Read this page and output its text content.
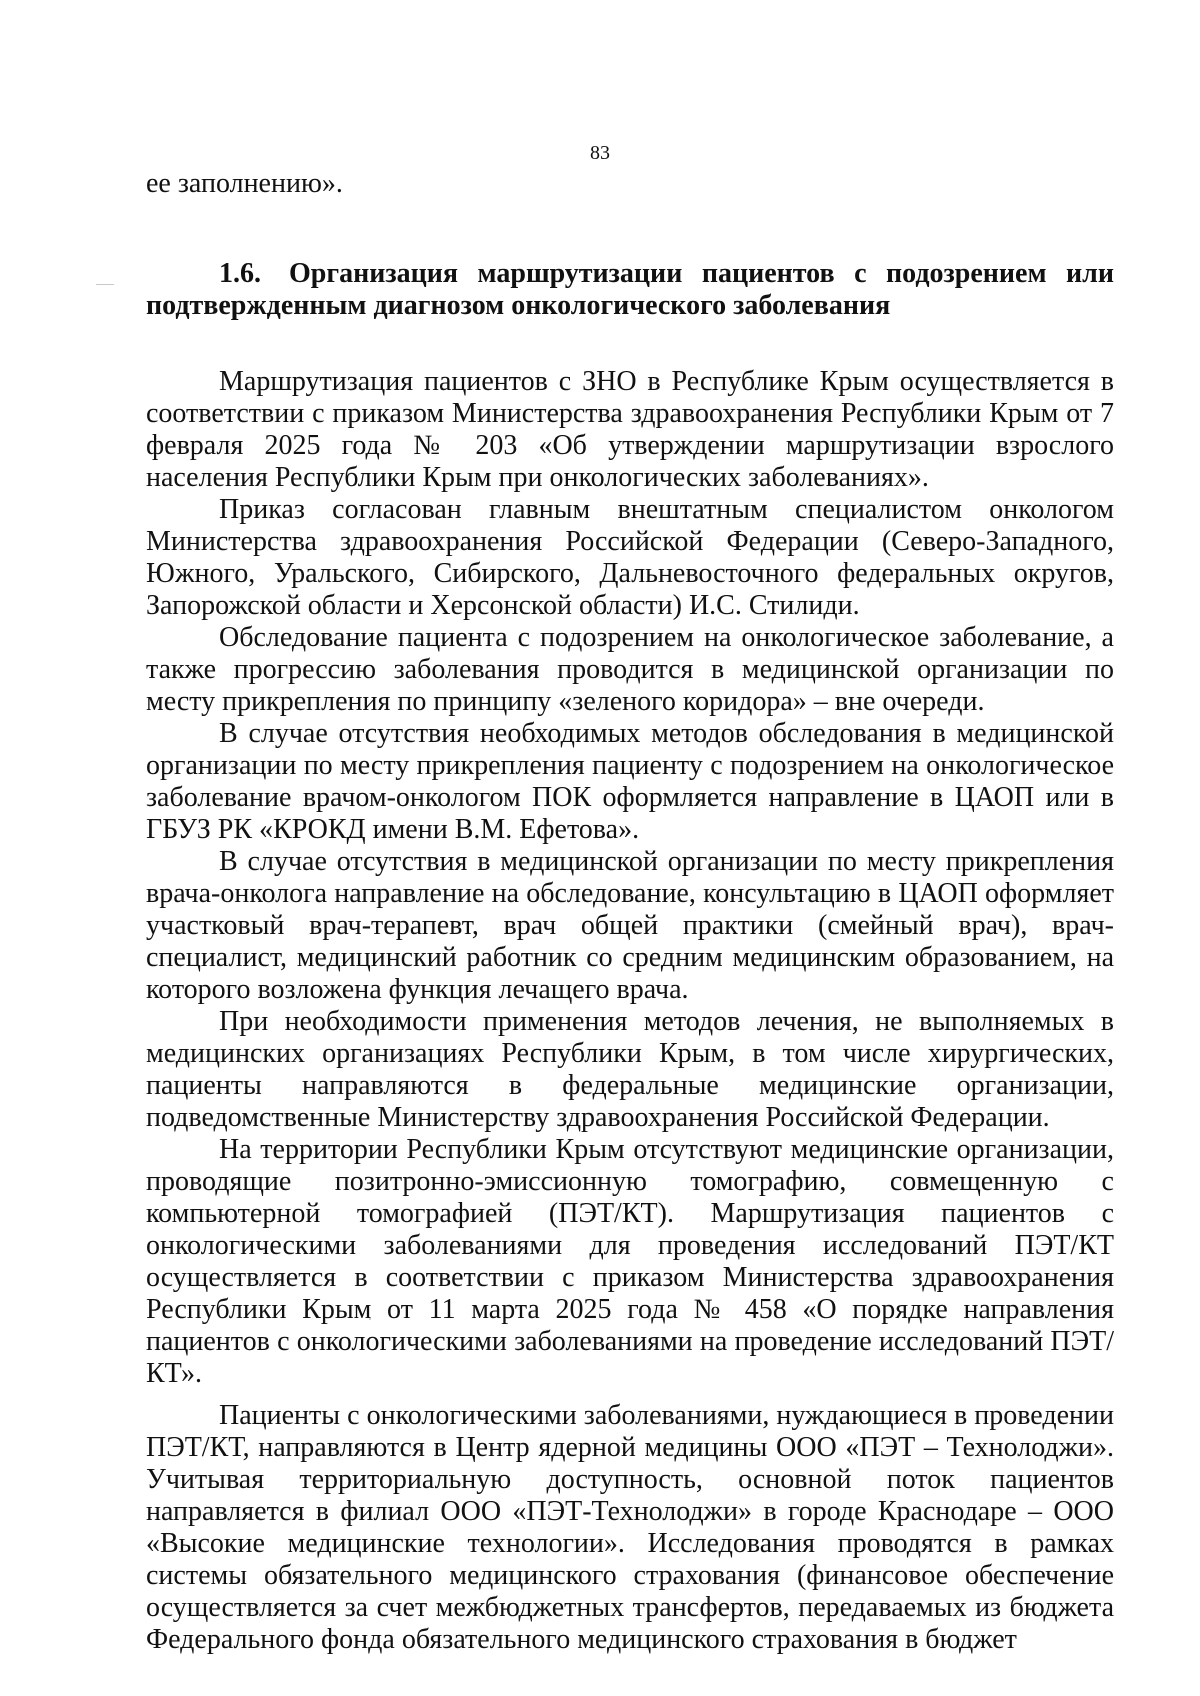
83

ее заполнению».

1.6. Организация маршрутизации пациентов с подозрением или подтвержденным диагнозом онкологического заболевания

Маршрутизация пациентов с ЗНО в Республике Крым осуществляется в соответствии с приказом Министерства здравоохранения Республики Крым от 7 февраля 2025 года № 203 «Об утверждении маршрутизации взрослого населения Республики Крым при онкологических заболеваниях».

Приказ согласован главным внештатным специалистом онкологом Министерства здравоохранения Российской Федерации (Северо-Западного, Южного, Уральского, Сибирского, Дальневосточного федеральных округов, Запорожской области и Херсонской области) И.С. Стилиди.

Обследование пациента с подозрением на онкологическое заболевание, а также прогрессию заболевания проводится в медицинской организации по месту прикрепления по принципу «зеленого коридора» – вне очереди.

В случае отсутствия необходимых методов обследования в медицинской организации по месту прикрепления пациенту с подозрением на онкологическое заболевание врачом-онкологом ПОК оформляется направление в ЦАОП или в ГБУЗ РК «КРОКД имени В.М. Ефетова».

В случае отсутствия в медицинской организации по месту прикрепления врача-онколога направление на обследование, консультацию в ЦАОП оформляет участковый врач-терапевт, врач общей практики (смейный врач), врач-специалист, медицинский работник со средним медицинским образованием, на которого возложена функция лечащего врача.

При необходимости применения методов лечения, не выполняемых в медицинских организациях Республики Крым, в том числе хирургических, пациенты направляются в федеральные медицинские организации, подведомственные Министерству здравоохранения Российской Федерации.

На территории Республики Крым отсутствуют медицинские организации, проводящие позитронно-эмиссионную томографию, совмещенную с компьютерной томографией (ПЭТ/КТ). Маршрутизация пациентов с онкологическими заболеваниями для проведения исследований ПЭТ/КТ осуществляется в соответствии с приказом Министерства здравоохранения Республики Крым от 11 марта 2025 года № 458 «О порядке направления пациентов с онкологическими заболеваниями на проведение исследований ПЭТ/КТ».

Пациенты с онкологическими заболеваниями, нуждающиеся в проведении ПЭТ/КТ, направляются в Центр ядерной медицины ООО «ПЭТ – Технолоджи». Учитывая территориальную доступность, основной поток пациентов направляется в филиал ООО «ПЭТ-Технолоджи» в городе Краснодаре – ООО «Высокие медицинские технологии». Исследования проводятся в рамках системы обязательного медицинского страхования (финансовое обеспечение осуществляется за счет межбюджетных трансфертов, передаваемых из бюджета Федерального фонда обязательного медицинского страхования в бюджет
